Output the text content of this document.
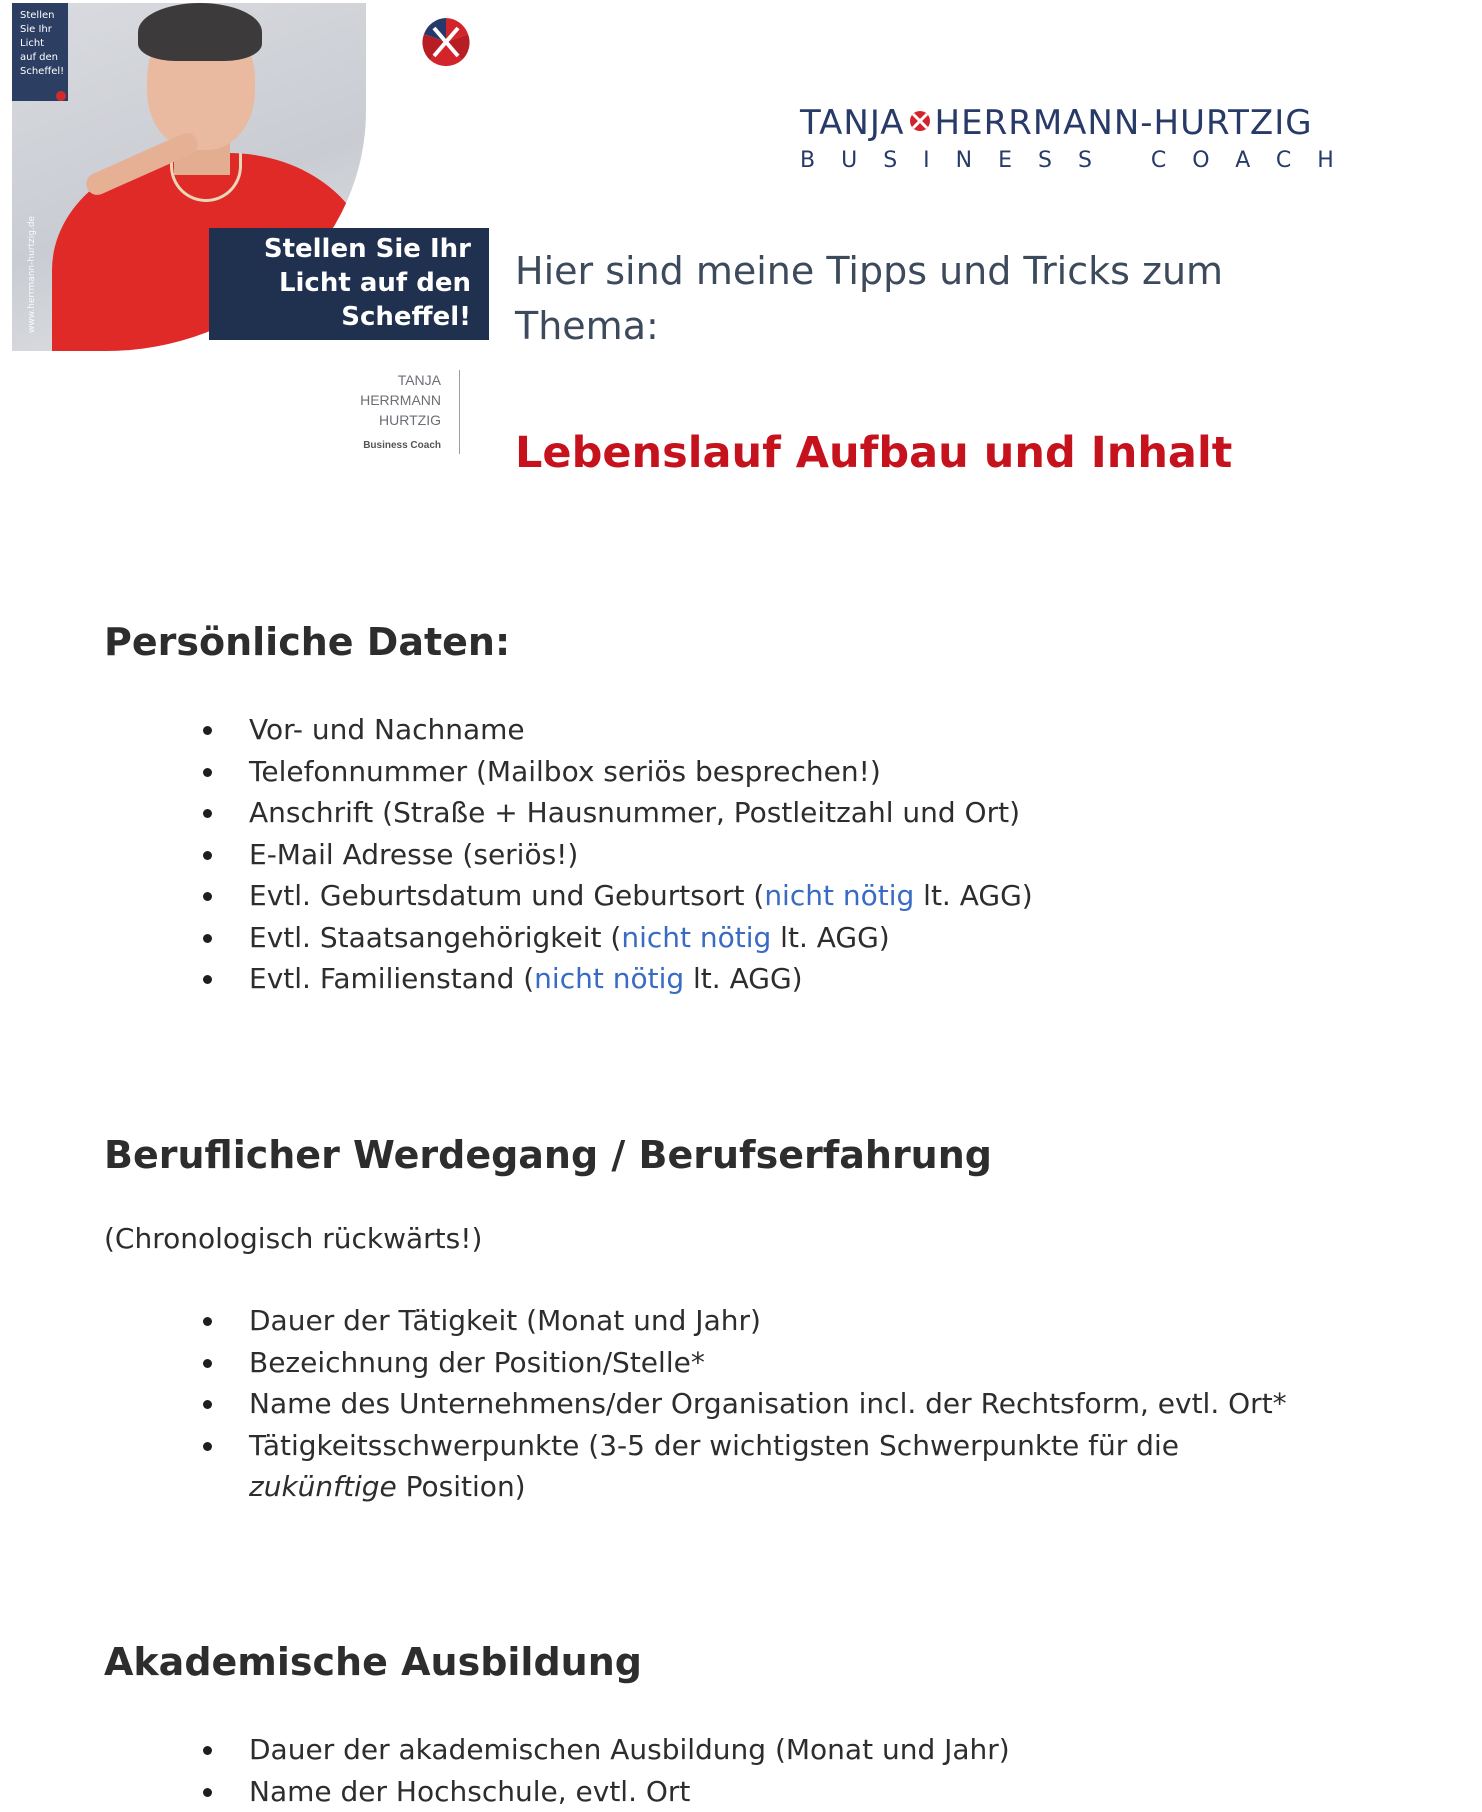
Stellen
Sie Ihr
Licht
auf den
Scheffel!
www.herrmann-hurtzig.de	Stellen Sie Ihr
Licht auf den
Scheffel!
TANJA
HERRMANN
HURTZIG
Business Coach
TANJA HERRMANN-HURTZIG
BUSINESS COACH
Hier sind meine Tipps und Tricks zum Thema:
Lebenslauf Aufbau und Inhalt
Persönliche Daten:
Vor- und Nachname
Telefonnummer (Mailbox seriös besprechen!)
Anschrift (Straße + Hausnummer, Postleitzahl und Ort)
E-Mail Adresse (seriös!)
Evtl. Geburtsdatum und Geburtsort (nicht nötig lt. AGG)
Evtl. Staatsangehörigkeit (nicht nötig lt. AGG)
Evtl. Familienstand (nicht nötig lt. AGG)
Beruflicher Werdegang / Berufserfahrung
(Chronologisch rückwärts!)
Dauer der Tätigkeit (Monat und Jahr)
Bezeichnung der Position/Stelle*
Name des Unternehmens/der Organisation incl. der Rechtsform, evtl. Ort*
Tätigkeitsschwerpunkte (3-5 der wichtigsten Schwerpunkte für die zukünftige Position)
Akademische Ausbildung
Dauer der akademischen Ausbildung (Monat und Jahr)
Name der Hochschule, evtl. Ort
